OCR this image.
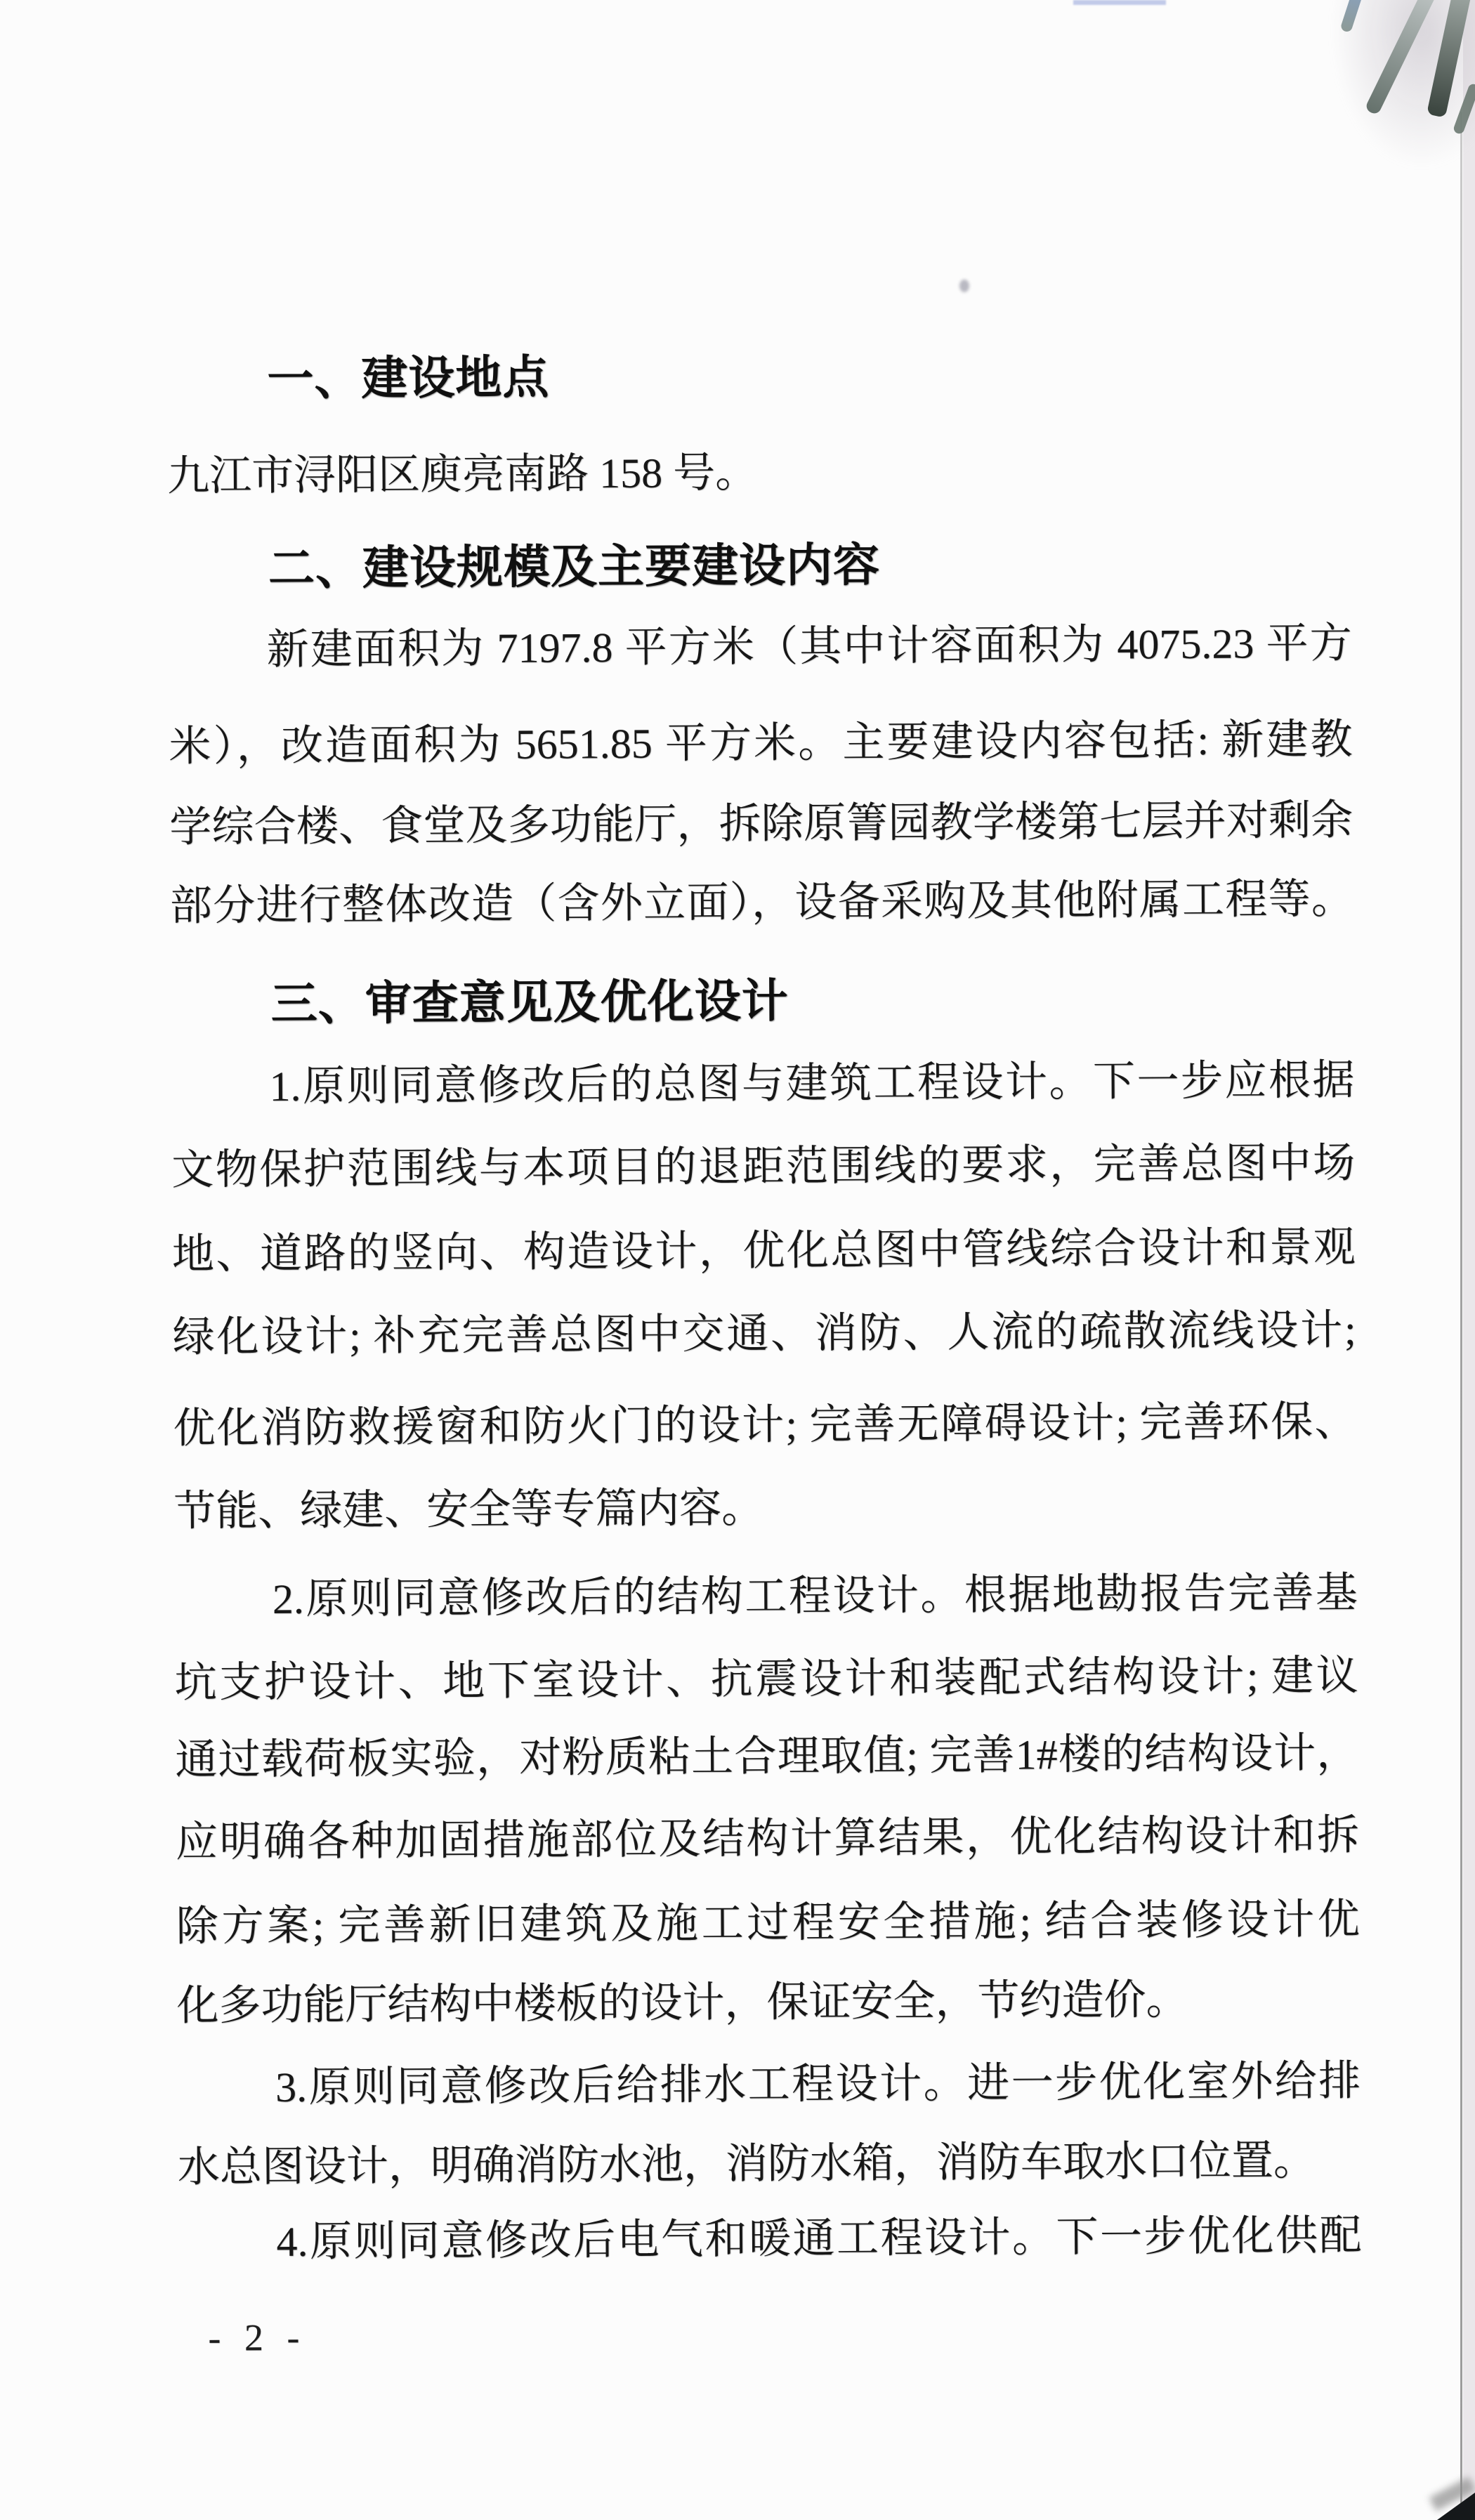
一、建设地点
九江市浔阳区庾亮南路 158 号。
二、建设规模及主要建设内容
新建面积为 7197.8 平方米（其中计容面积为 4075.23 平方
米），改造面积为 5651.85 平方米。主要建设内容包括: 新建教
学综合楼、食堂及多功能厅，拆除原箐园教学楼第七层并对剩余
部分进行整体改造（含外立面），设备采购及其他附属工程等。
三、审查意见及优化设计
1.原则同意修改后的总图与建筑工程设计。下一步应根据
文物保护范围线与本项目的退距范围线的要求，完善总图中场
地、道路的竖向、构造设计，优化总图中管线综合设计和景观
绿化设计; 补充完善总图中交通、消防、人流的疏散流线设计;
优化消防救援窗和防火门的设计; 完善无障碍设计; 完善环保、
节能、绿建、安全等专篇内容。
2.原则同意修改后的结构工程设计。根据地勘报告完善基
坑支护设计、地下室设计、抗震设计和装配式结构设计; 建议
通过载荷板实验，对粉质粘土合理取值; 完善1#楼的结构设计，
应明确各种加固措施部位及结构计算结果，优化结构设计和拆
除方案; 完善新旧建筑及施工过程安全措施; 结合装修设计优
化多功能厅结构中楼板的设计，保证安全，节约造价。
3.原则同意修改后给排水工程设计。进一步优化室外给排
水总图设计，明确消防水池，消防水箱，消防车取水口位置。
4.原则同意修改后电气和暖通工程设计。下一步优化供配
- 2 -
